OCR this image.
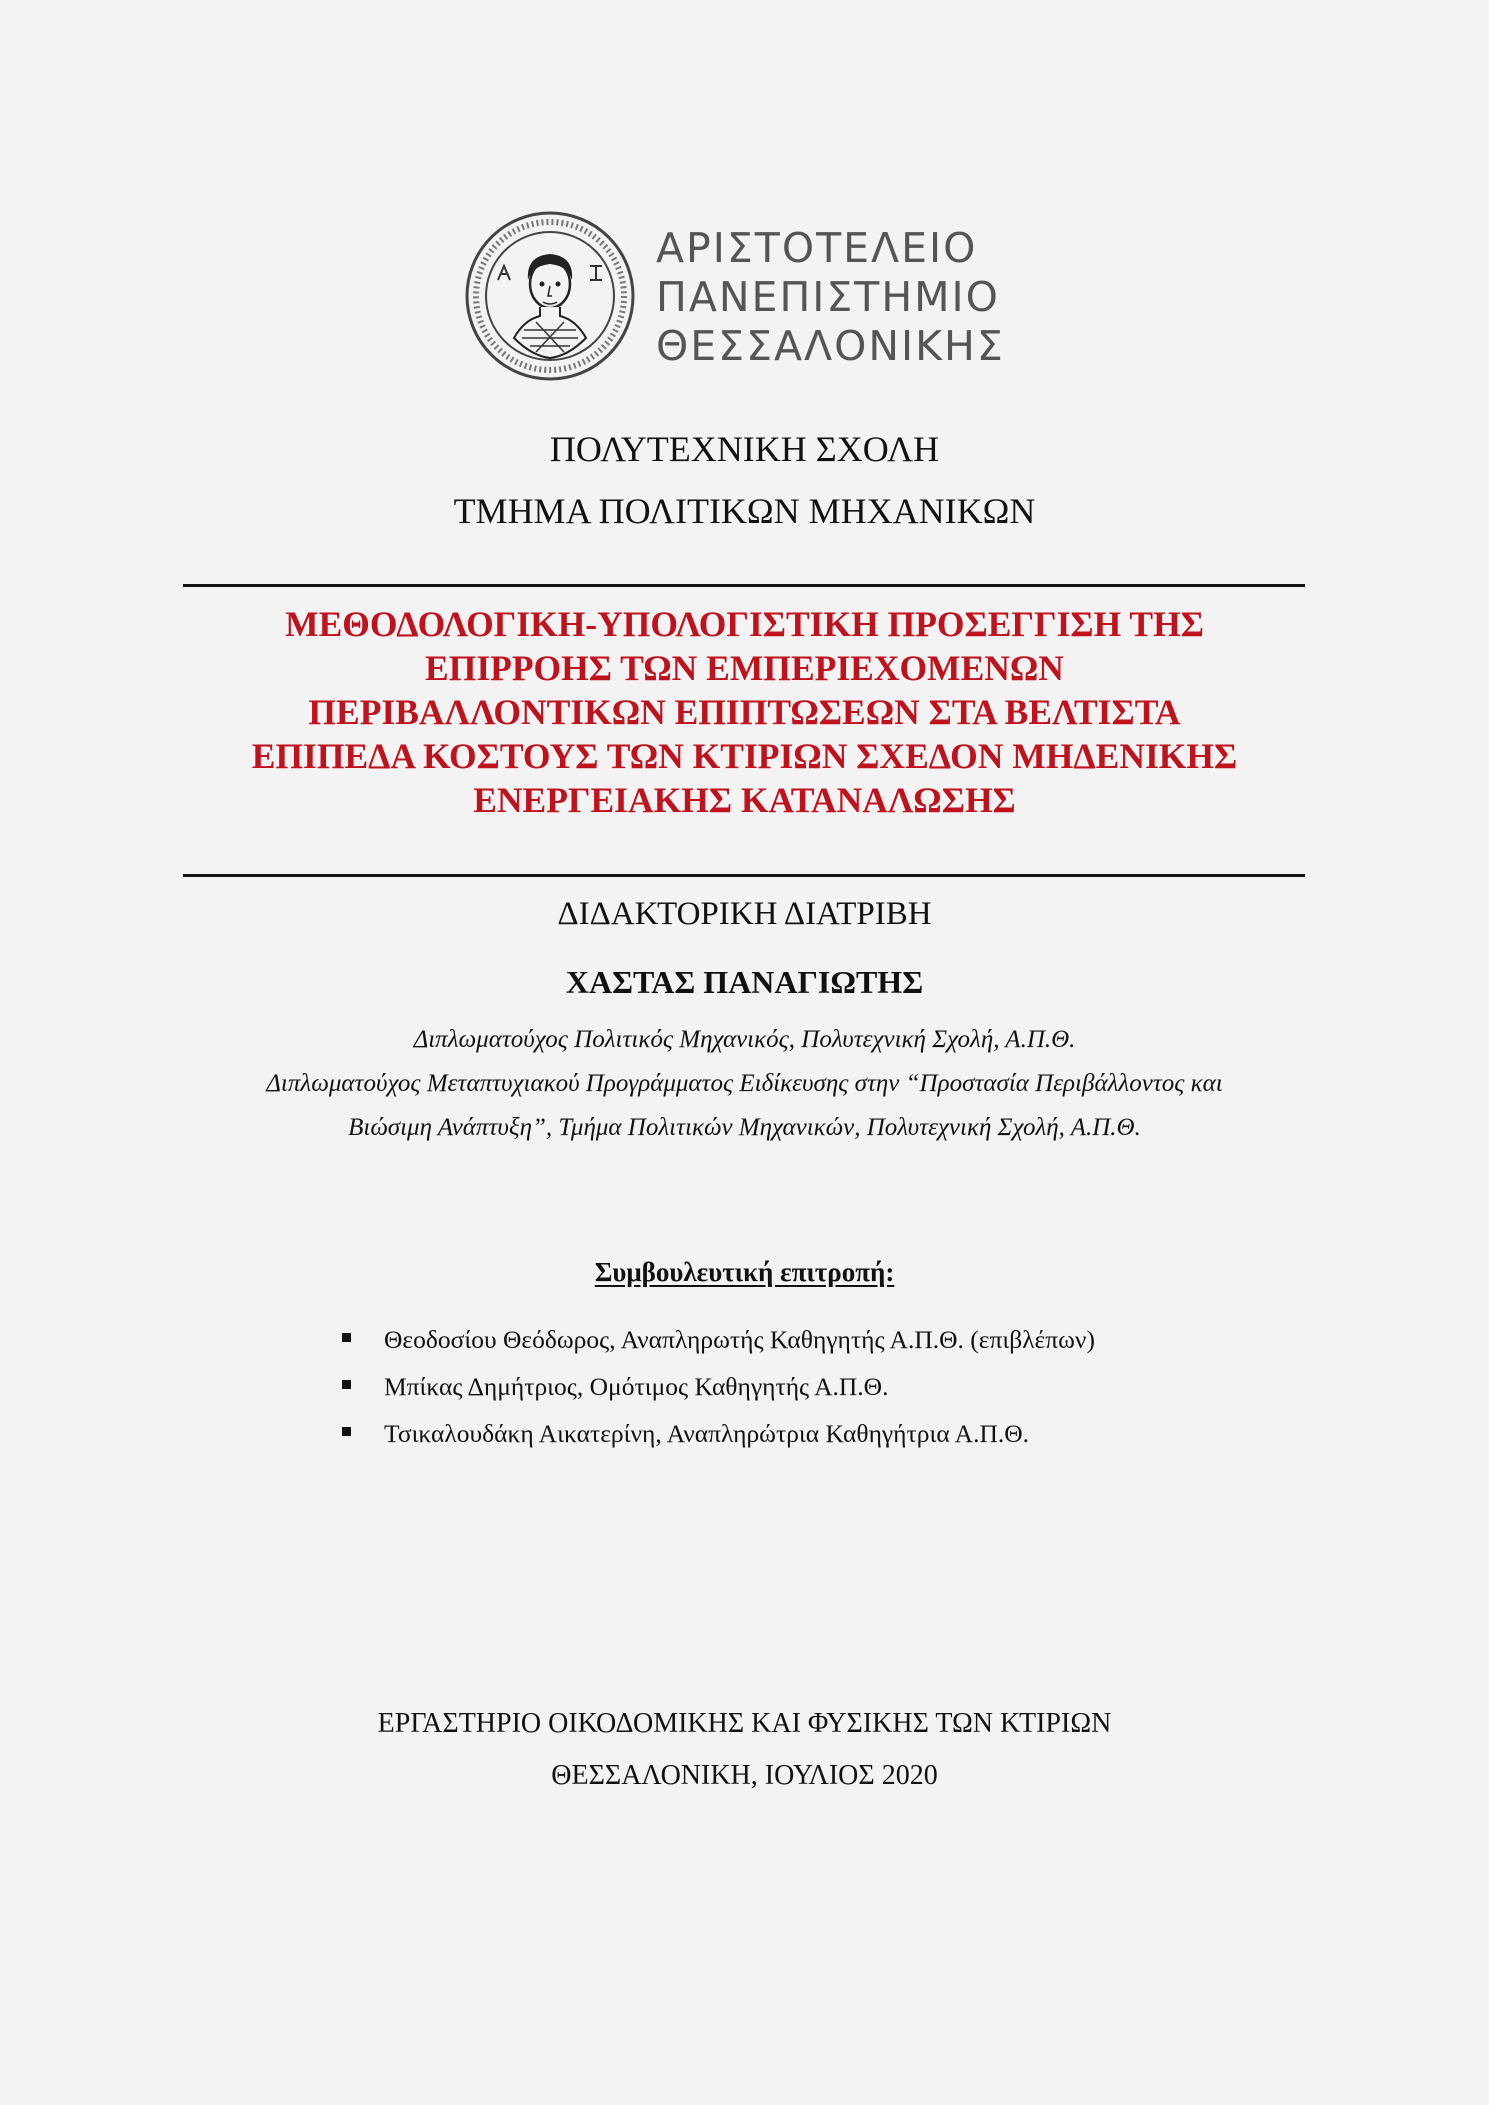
ΑΡΙΣΤΟΤΕΛΕΙΟ
ΠΑΝΕΠΙΣΤΗΜΙΟ
ΘΕΣΣΑΛΟΝΙΚΗΣ
ΠΟΛΥΤΕΧΝΙΚΗ ΣΧΟΛΗ
ΤΜΗΜΑ ΠΟΛΙΤΙΚΩΝ ΜΗΧΑΝΙΚΩΝ
ΜΕΘΟΔΟΛΟΓΙΚΗ-ΥΠΟΛΟΓΙΣΤΙΚΗ ΠΡΟΣΕΓΓΙΣΗ ΤΗΣ
ΕΠΙΡΡΟΗΣ ΤΩΝ ΕΜΠΕΡΙΕΧΟΜΕΝΩΝ
ΠΕΡΙΒΑΛΛΟΝΤΙΚΩΝ ΕΠΙΠΤΩΣΕΩΝ ΣΤΑ ΒΕΛΤΙΣΤΑ
ΕΠΙΠΕΔΑ ΚΟΣΤΟΥΣ ΤΩΝ ΚΤΙΡΙΩΝ ΣΧΕΔΟΝ ΜΗΔΕΝΙΚΗΣ
ΕΝΕΡΓΕΙΑΚΗΣ ΚΑΤΑΝΑΛΩΣΗΣ
ΔΙΔΑΚΤΟΡΙΚΗ ΔΙΑΤΡΙΒΗ
ΧΑΣΤΑΣ ΠΑΝΑΓΙΩΤΗΣ
Διπλωματούχος Πολιτικός Μηχανικός, Πολυτεχνική Σχολή, Α.Π.Θ.
Διπλωματούχος Μεταπτυχιακού Προγράμματος Ειδίκευσης στην “Προστασία Περιβάλλοντος και
Βιώσιμη Ανάπτυξη”, Τμήμα Πολιτικών Μηχανικών, Πολυτεχνική Σχολή, Α.Π.Θ.
Συμβουλευτική επιτροπή:
Θεοδοσίου Θεόδωρος, Αναπληρωτής Καθηγητής Α.Π.Θ. (επιβλέπων)
Μπίκας Δημήτριος, Ομότιμος Καθηγητής Α.Π.Θ.
Τσικαλουδάκη Αικατερίνη, Αναπληρώτρια Καθηγήτρια Α.Π.Θ.
ΕΡΓΑΣΤΗΡΙΟ ΟΙΚΟΔΟΜΙΚΗΣ ΚΑΙ ΦΥΣΙΚΗΣ ΤΩΝ ΚΤΙΡΙΩΝ
ΘΕΣΣΑΛΟΝΙΚΗ, ΙΟΥΛΙΟΣ 2020
